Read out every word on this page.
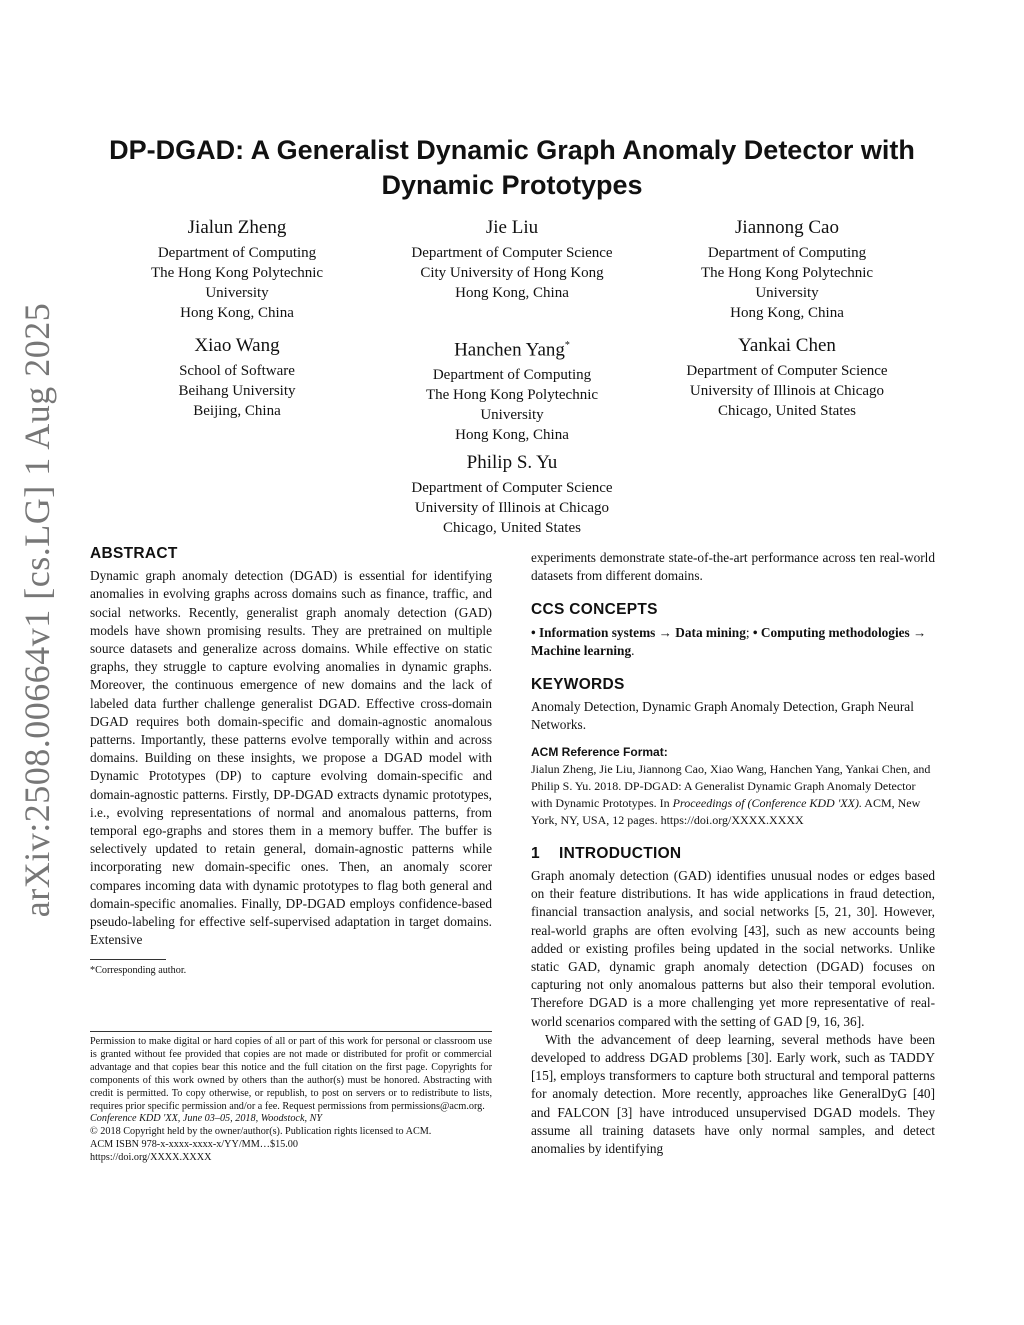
arXiv:2508.00664v1 [cs.LG] 1 Aug 2025
DP-DGAD: A Generalist Dynamic Graph Anomaly Detector with Dynamic Prototypes
Jialun Zheng
Department of Computing
The Hong Kong Polytechnic
University
Hong Kong, China
Jie Liu
Department of Computer Science
City University of Hong Kong
Hong Kong, China
Jiannong Cao
Department of Computing
The Hong Kong Polytechnic
University
Hong Kong, China
Xiao Wang
School of Software
Beihang University
Beijing, China
Hanchen Yang*
Department of Computing
The Hong Kong Polytechnic
University
Hong Kong, China
Yankai Chen
Department of Computer Science
University of Illinois at Chicago
Chicago, United States
Philip S. Yu
Department of Computer Science
University of Illinois at Chicago
Chicago, United States
ABSTRACT

Dynamic graph anomaly detection (DGAD) is essential for identifying anomalies in evolving graphs across domains such as finance, traffic, and social networks. Recently, generalist graph anomaly detection (GAD) models have shown promising results. They are pretrained on multiple source datasets and generalize across domains. While effective on static graphs, they struggle to capture evolving anomalies in dynamic graphs. Moreover, the continuous emergence of new domains and the lack of labeled data further challenge generalist DGAD. Effective cross-domain DGAD requires both domain-specific and domain-agnostic anomalous patterns. Importantly, these patterns evolve temporally within and across domains. Building on these insights, we propose a DGAD model with Dynamic Prototypes (DP) to capture evolving domain-specific and domain-agnostic patterns. Firstly, DP-DGAD extracts dynamic prototypes, i.e., evolving representations of normal and anomalous patterns, from temporal ego-graphs and stores them in a memory buffer. The buffer is selectively updated to retain general, domain-agnostic patterns while incorporating new domain-specific ones. Then, an anomaly scorer compares incoming data with dynamic prototypes to flag both general and domain-specific anomalies. Finally, DP-DGAD employs confidence-based pseudo-labeling for effective self-supervised adaptation in target domains. Extensive

*Corresponding author.
Permission to make digital or hard copies of all or part of this work for personal or classroom use is granted without fee provided that copies are not made or distributed for profit or commercial advantage and that copies bear this notice and the full citation on the first page. Copyrights for components of this work owned by others than the author(s) must be honored. Abstracting with credit is permitted. To copy otherwise, or republish, to post on servers or to redistribute to lists, requires prior specific permission and/or a fee. Request permissions from permissions@acm.org.
Conference KDD 'XX, June 03–05, 2018, Woodstock, NY
© 2018 Copyright held by the owner/author(s). Publication rights licensed to ACM.
ACM ISBN 978-x-xxxx-xxxx-x/YY/MM…$15.00
https://doi.org/XXXX.XXXX

experiments demonstrate state-of-the-art performance across ten real-world datasets from different domains.

CCS CONCEPTS

• Information systems → Data mining; • Computing methodologies → Machine learning.

KEYWORDS

Anomaly Detection, Dynamic Graph Anomaly Detection, Graph Neural Networks.

ACM Reference Format:

Jialun Zheng, Jie Liu, Jiannong Cao, Xiao Wang, Hanchen Yang, Yankai Chen, and Philip S. Yu. 2018. DP-DGAD: A Generalist Dynamic Graph Anomaly Detector with Dynamic Prototypes. In Proceedings of (Conference KDD 'XX). ACM, New York, NY, USA, 12 pages. https://doi.org/XXXX.XXXX

1 INTRODUCTION

Graph anomaly detection (GAD) identifies unusual nodes or edges based on their feature distributions. It has wide applications in fraud detection, financial transaction analysis, and social networks [5, 21, 30]. However, real-world graphs are often evolving [43], such as new accounts being added or existing profiles being updated in the social networks. Unlike static GAD, dynamic graph anomaly detection (DGAD) focuses on capturing not only anomalous patterns but also their temporal evolution. Therefore DGAD is a more challenging yet more representative of real-world scenarios compared with the setting of GAD [9, 16, 36].

With the advancement of deep learning, several methods have been developed to address DGAD problems [30]. Early work, such as TADDY [15], employs transformers to capture both structural and temporal patterns for anomaly detection. More recently, approaches like GeneralDyG [40] and FALCON [3] have introduced unsupervised DGAD models. They assume all training datasets have only normal samples, and detect anomalies by identifying
